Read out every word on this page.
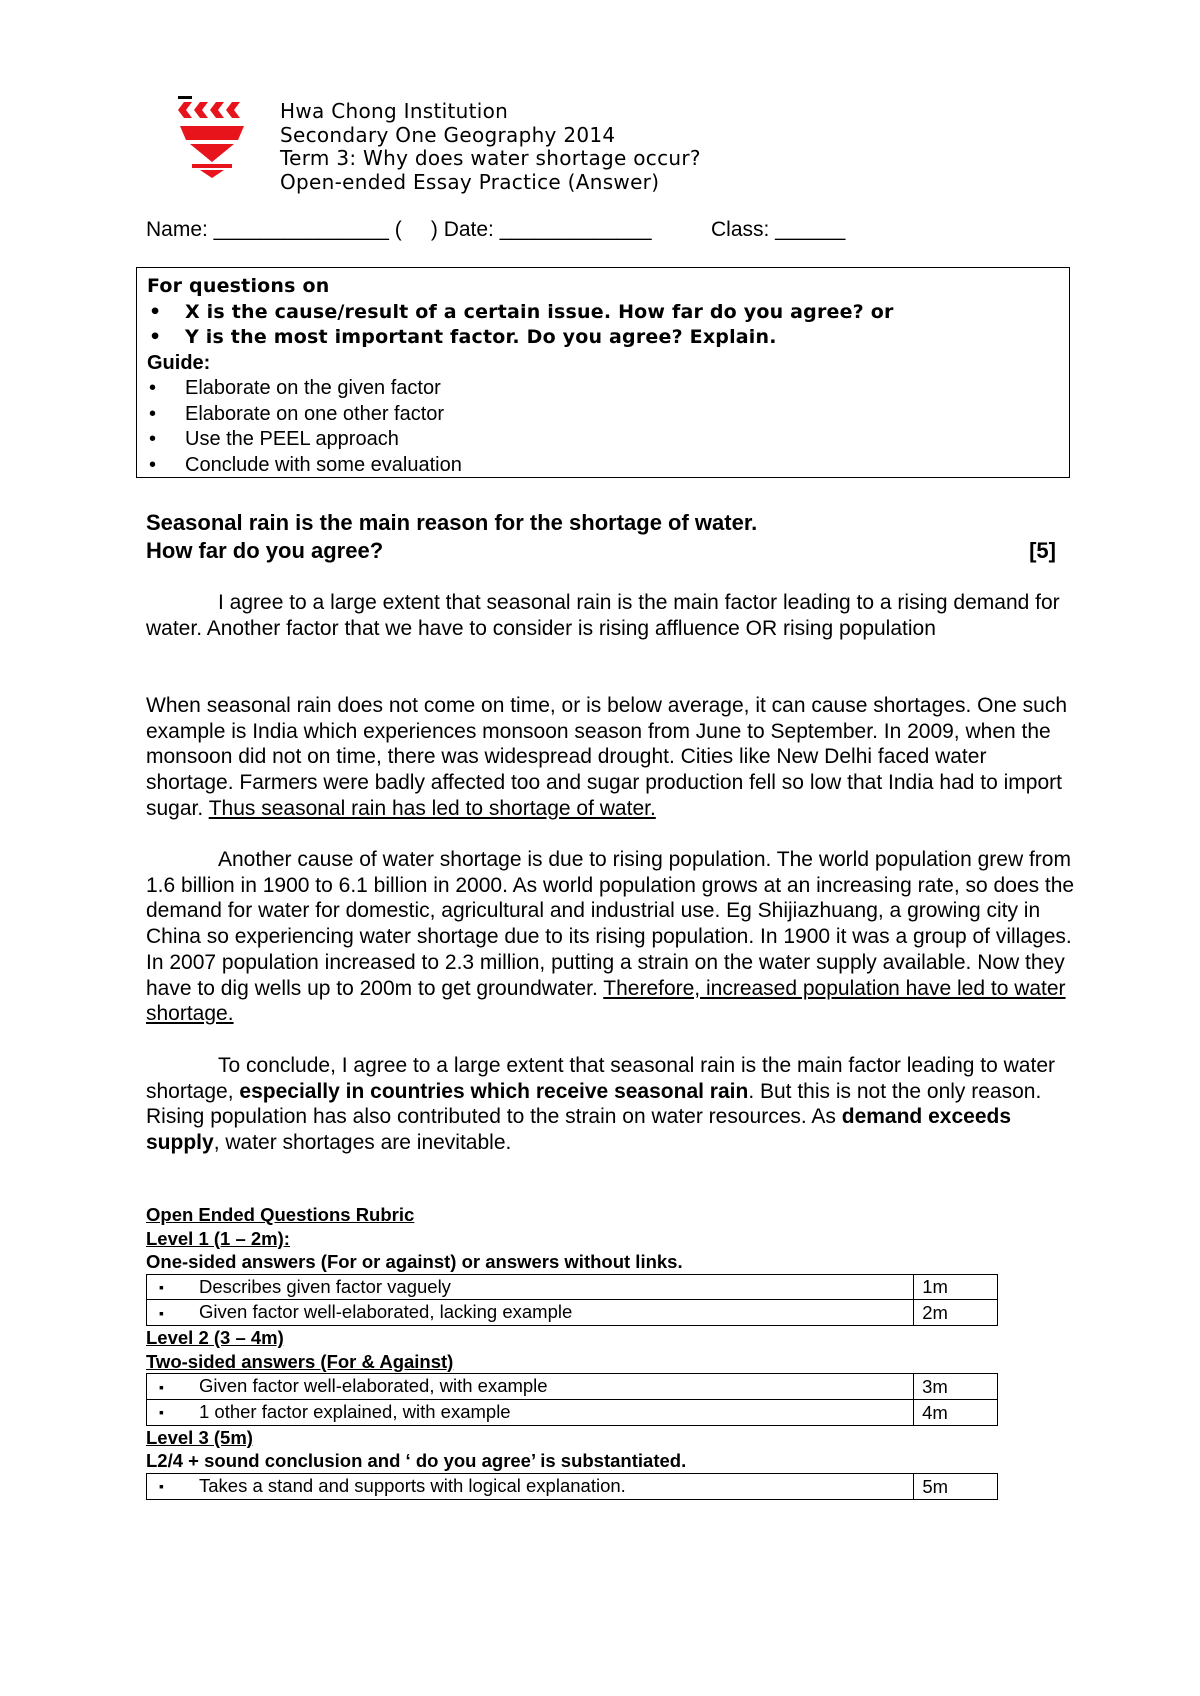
Hwa Chong Institution
Secondary One Geography 2014
Term 3: Why does water shortage occur?
Open-ended Essay Practice (Answer)
Name: _______________ (     ) Date: _____________	Class: ______
For questions on
• X is the cause/result of a certain issue. How far do you agree? or
• Y is the most important factor. Do you agree? Explain.
Guide:
• Elaborate on the given factor
• Elaborate on one other factor
• Use the PEEL approach
• Conclude with some evaluation
Seasonal rain is the main reason for the shortage of water.
How far do you agree?	[5]
I agree to a large extent that seasonal rain is the main factor leading to a rising demand for water. Another factor that we have to consider is rising affluence OR rising population
When seasonal rain does not come on time, or is below average, it can cause shortages. One such example is India which experiences monsoon season from June to September. In 2009, when the monsoon did not on time, there was widespread drought. Cities like New Delhi faced water shortage. Farmers were badly affected too and sugar production fell so low that India had to import sugar. Thus seasonal rain has led to shortage of water.
Another cause of water shortage is due to rising population. The world population grew from 1.6 billion in 1900 to 6.1 billion in 2000. As world population grows at an increasing rate, so does the demand for water for domestic, agricultural and industrial use. Eg Shijiazhuang, a growing city in China so experiencing water shortage due to its rising population. In 1900 it was a group of villages. In 2007 population increased to 2.3 million, putting a strain on the water supply available. Now they have to dig wells up to 200m to get groundwater. Therefore, increased population have led to water shortage.
To conclude, I agree to a large extent that seasonal rain is the main factor leading to water shortage, especially in countries which receive seasonal rain. But this is not the only reason. Rising population has also contributed to the strain on water resources. As demand exceeds supply, water shortages are inevitable.
Open Ended Questions Rubric
Level 1 (1 – 2m):
One-sided answers (For or against) or answers without links.
▪ Describes given factor vaguely	1m
▪ Given factor well-elaborated, lacking example	2m
Level 2 (3 – 4m)
Two-sided answers (For & Against)
▪ Given factor well-elaborated, with example	3m
▪ 1 other factor explained, with example	4m
Level 3 (5m)
L2/4 + sound conclusion and ‘ do you agree’ is substantiated.
▪ Takes a stand and supports with logical explanation.	5m
